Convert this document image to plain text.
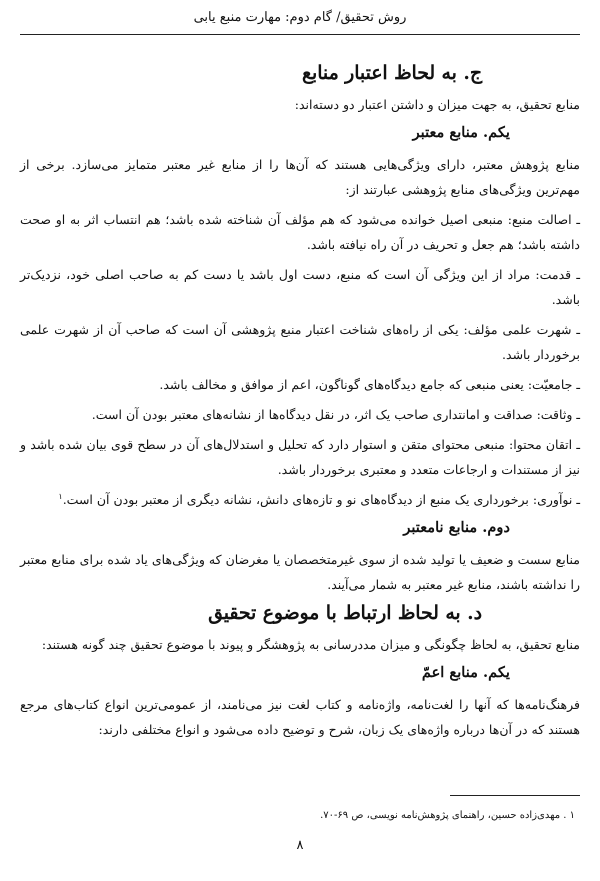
روش تحقیق/ گام دوم: مهارت منبع یابی
ج. به لحاظ اعتبار منابع

منابع تحقیق، به جهت میزان و داشتن اعتبار دو دسته‌اند:

یکم. منابع معتبر

منابع پژوهش معتبر، دارای ویژگی‌هایی هستند که آن‌ها را از منابع غیر معتبر متمایز می‌سازد. برخی از مهم‌ترین ویژگی‌های منابع پژوهشی عبارتند از:

ـ اصالت منبع: منبعی اصیل خوانده می‌شود که هم مؤلف آن شناخته شده باشد؛ هم انتساب اثر به او صحت داشته باشد؛ هم جعل و تحریف در آن راه نیافته باشد.

ـ قدمت: مراد از این ویژگی آن است که منبع، دست اول باشد یا دست کم به صاحب اصلی خود، نزدیک‌تر باشد.

ـ شهرت علمی مؤلف: یکی از راه‌های شناخت اعتبار منبع پژوهشی آن است که صاحب آن از شهرت علمی برخوردار باشد.

ـ جامعیّت: یعنی منبعی که جامع دیدگاه‌های گوناگون، اعم از موافق و مخالف باشد.

ـ وثاقت: صداقت و امانتداری صاحب یک اثر، در نقل دیدگاه‌ها از نشانه‌های معتبر بودن آن است.

ـ اتقان محتوا: منبعی محتوای متقن و استوار دارد که تحلیل و استدلال‌های آن در سطح قوی بیان شده باشد و نیز از مستندات و ارجاعات متعدد و معتبری برخوردار باشد.

ـ نوآوری: برخورداری یک منبع از دیدگاه‌های نو و تازه‌های دانش، نشانه دیگری از معتبر بودن آن است.$^۱$

دوم. منابع نامعتبر

منابع سست و ضعیف یا تولید شده از سوی غیرمتخصصان یا مغرضان که ویژگی‌های یاد شده برای منابع معتبر را نداشته باشند، منابع غیر معتبر به شمار می‌آیند.

د. به لحاظ ارتباط با موضوع تحقیق

منابع تحقیق، به لحاظ چگونگی و میزان مددرسانی به پژوهشگر و پیوند با موضوع تحقیق چند گونه هستند:

یکم. منابع اعمّ

فرهنگ‌نامه‌ها که آنها را لغت‌نامه، واژه‌نامه و کتاب لغت نیز می‌نامند، از عمومی‌ترین انواع کتاب‌های مرجع هستند که در آن‌ها درباره واژه‌های یک زبان، شرح و توضیح داده می‌شود و انواع مختلفی دارند:

۱ . مهدی‌زاده حسین، راهنمای پژوهش‌نامه نویسی، ص ۶۹-۷۰.
۸
